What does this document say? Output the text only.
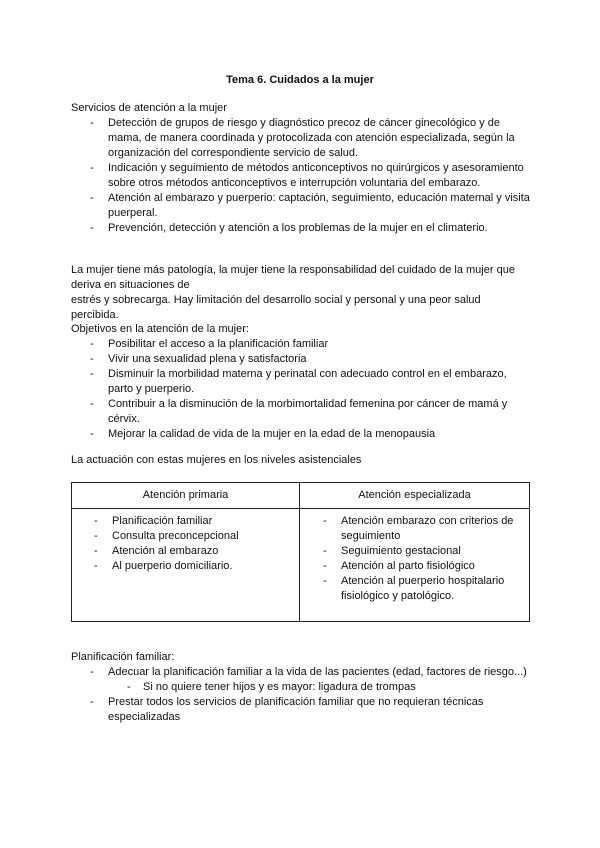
Tema 6. Cuidados a la mujer

Servicios de atención a la mujer

- Detección de grupos de riesgo y diagnóstico precoz de cáncer ginecológico y de mama, de manera coordinada y protocolizada con atención especializada, según la organización del correspondiente servicio de salud.
- Indicación y seguimiento de métodos anticonceptivos no quirúrgicos y asesoramiento sobre otros métodos anticonceptivos e interrupción voluntaria del embarazo.
- Atención al embarazo y puerperio: captación, seguimiento, educación maternal y visita puerperal.
- Prevención, detección y atención a los problemas de la mujer en el climaterio.

La mujer tiene más patología, la mujer tiene la responsabilidad del cuidado de la mujer que deriva en situaciones de

estrés y sobrecarga. Hay limitación del desarrollo social y personal y una peor salud percibida.

Objetivos en la atención de la mujer:

- Posibilitar el acceso a la planificación familiar
- Vivir una sexualidad plena y satisfactoria
- Disminuir la morbilidad materna y perinatal con adecuado control en el embarazo, parto y puerperio.
- Contribuir a la disminución de la morbimortalidad femenina por cáncer de mamá y cérvix.
- Mejorar la calidad de vida de la mujer en la edad de la menopausia
La actuación con estas mujeres en los niveles asistenciales
Atención primaria	Atención especializada
- Planificación familiar
- Consulta preconcepcional
- Atención al embarazo
- Al puerperio domiciliario.
- Atención embarazo con criterios de seguimiento
- Seguimiento gestacional
- Atención al parto fisiológico
- Atención al puerperio hospitalario fisiológico y patológico.

Planificación familiar:

- Adecuar la planificación familiar a la vida de las pacientes (edad, factores de riesgo...)
- Si no quiere tener hijos y es mayor: ligadura de trompas
- Prestar todos los servicios de planificación familiar que no requieran técnicas especializadas
